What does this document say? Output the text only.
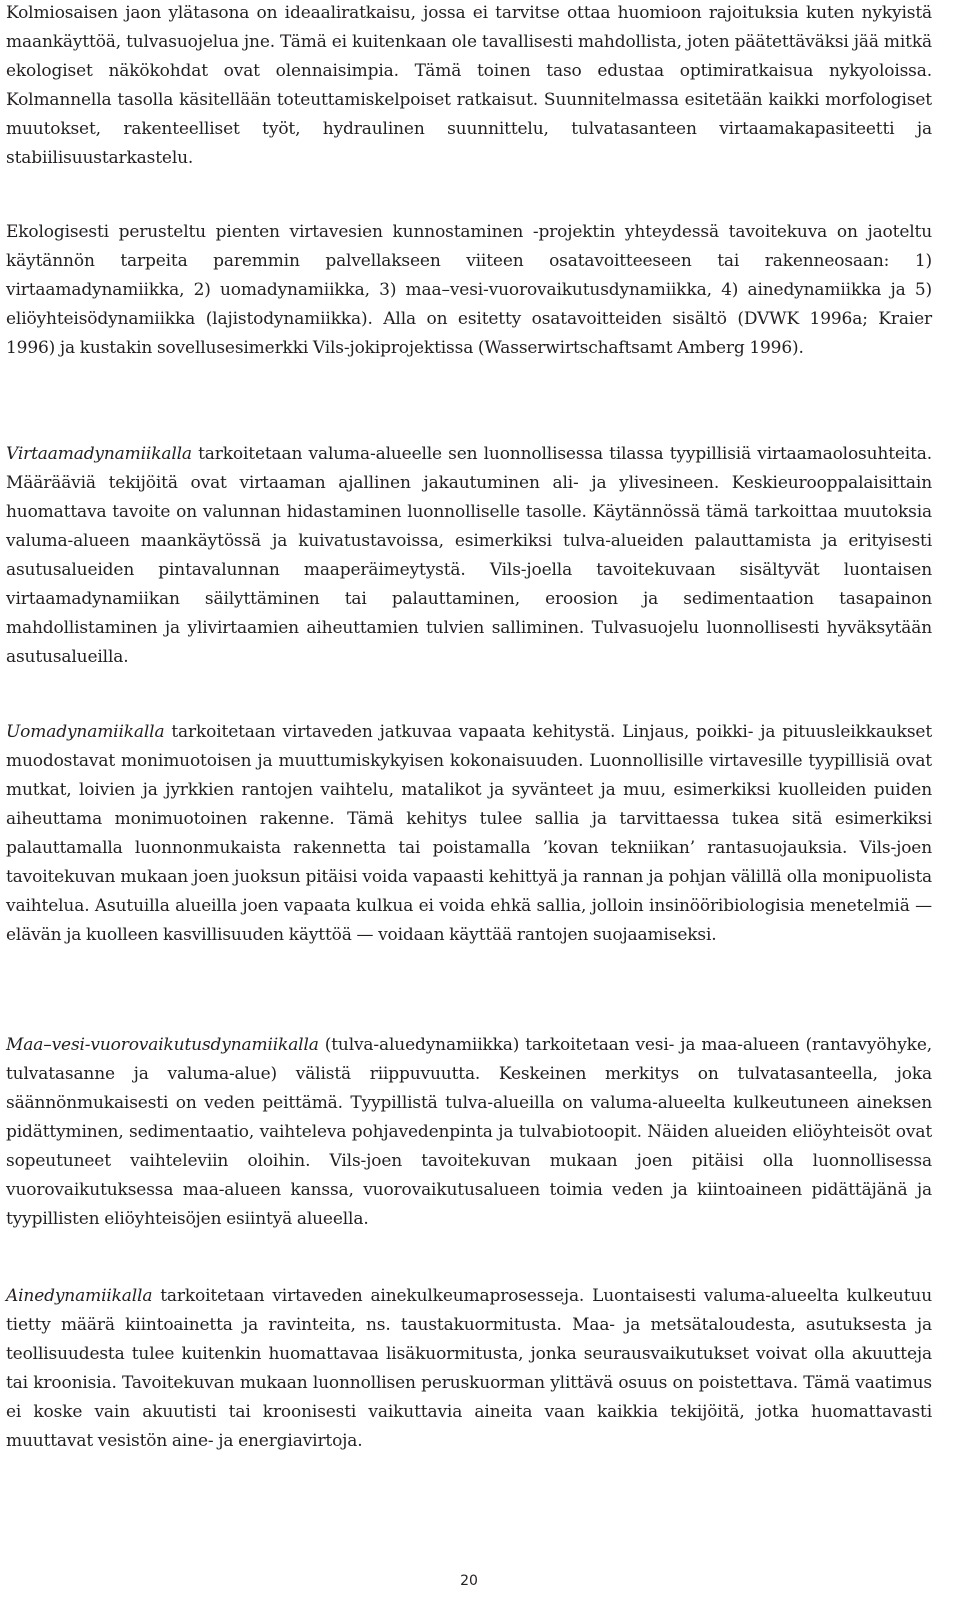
Kolmiosaisen jaon ylätasona on ideaaliratkaisu, jossa ei tarvitse ottaa huomioon rajoituksia kuten nykyistä maankäyttöä, tulvasuojelua jne. Tämä ei kuitenkaan ole tavallisesti mahdollista, joten päätettäväksi jää mitkä ekologiset näkökohdat ovat olennaisimpia. Tämä toinen taso edustaa optimiratkaisua nykyoloissa. Kolmannella tasolla käsitellään toteuttamiskelpoiset ratkaisut. Suunnitelmassa esitetään kaikki morfologiset muutokset, rakenteelliset työt, hydraulinen suunnittelu, tulvatasanteen virtaamakapasiteetti ja stabiilisuustarkastelu.

Ekologisesti perusteltu pienten virtavesien kunnostaminen -projektin yhteydessä tavoitekuva on jaoteltu käytännön tarpeita paremmin palvellakseen viiteen osatavoitteeseen tai rakenneosaan: 1) virtaamadynamiikka, 2) uomadynamiikka, 3) maa–vesi-vuorovaikutusdynamiikka, 4) ainedynamiikka ja 5) eliöyhteisödynamiikka (lajistodynamiikka). Alla on esitetty osatavoitteiden sisältö (DVWK 1996a; Kraier 1996) ja kustakin sovellusesimerkki Vils-jokiprojektissa (Wasserwirtschaftsamt Amberg 1996).

Virtaamadynamiikalla tarkoitetaan valuma-alueelle sen luonnollisessa tilassa tyypillisiä virtaamaolosuhteita. Määrääviä tekijöitä ovat virtaaman ajallinen jakautuminen ali- ja ylivesineen. Keskieurooppalaisittain huomattava tavoite on valunnan hidastaminen luonnolliselle tasolle. Käytännössä tämä tarkoittaa muutoksia valuma-alueen maankäytössä ja kuivatustavoissa, esimerkiksi tulva-alueiden palauttamista ja erityisesti asutusalueiden pintavalunnan maaperäimeytystä. Vils-joella tavoitekuvaan sisältyvät luontaisen virtaamadynamiikan säilyttäminen tai palauttaminen, eroosion ja sedimentaation tasapainon mahdollistaminen ja ylivirtaamien aiheuttamien tulvien salliminen. Tulvasuojelu luonnollisesti hyväksytään asutusalueilla.

Uomadynamiikalla tarkoitetaan virtaveden jatkuvaa vapaata kehitystä. Linjaus, poikki- ja pituusleikkaukset muodostavat monimuotoisen ja muuttumiskykyisen kokonaisuuden. Luonnollisille virtavesille tyypillisiä ovat mutkat, loivien ja jyrkkien rantojen vaihtelu, matalikot ja syvänteet ja muu, esimerkiksi kuolleiden puiden aiheuttama monimuotoinen rakenne. Tämä kehitys tulee sallia ja tarvittaessa tukea sitä esimerkiksi palauttamalla luonnonmukaista rakennetta tai poistamalla ’kovan tekniikan’ rantasuojauksia. Vils-joen tavoitekuvan mukaan joen juoksun pitäisi voida vapaasti kehittyä ja rannan ja pohjan välillä olla monipuolista vaihtelua. Asutuilla alueilla joen vapaata kulkua ei voida ehkä sallia, jolloin insinööribiologisia menetelmiä — elävän ja kuolleen kasvillisuuden käyttöä — voidaan käyttää rantojen suojaamiseksi.

Maa–vesi-vuorovaikutusdynamiikalla (tulva-aluedynamiikka) tarkoitetaan vesi- ja maa-alueen (rantavyöhyke, tulvatasanne ja valuma-alue) välistä riippuvuutta. Keskeinen merkitys on tulvatasanteella, joka säännönmukaisesti on veden peittämä. Tyypillistä tulva-alueilla on valuma-alueelta kulkeutuneen aineksen pidättyminen, sedimentaatio, vaihteleva pohjavedenpinta ja tulvabiotoopit. Näiden alueiden eliöyhteisöt ovat sopeutuneet vaihteleviin oloihin. Vils-joen tavoitekuvan mukaan joen pitäisi olla luonnollisessa vuorovaikutuksessa maa-alueen kanssa, vuorovaikutusalueen toimia veden ja kiintoaineen pidättäjänä ja tyypillisten eliöyhteisöjen esiintyä alueella.

Ainedynamiikalla tarkoitetaan virtaveden ainekulkeumaprosesseja. Luontaisesti valuma-alueelta kulkeutuu tietty määrä kiintoainetta ja ravinteita, ns. taustakuormitusta. Maa- ja metsätaloudesta, asutuksesta ja teollisuudesta tulee kuitenkin huomattavaa lisäkuormitusta, jonka seurausvaikutukset voivat olla akuutteja tai kroonisia. Tavoitekuvan mukaan luonnollisen peruskuorman ylittävä osuus on poistettava. Tämä vaatimus ei koske vain akuutisti tai kroonisesti vaikuttavia aineita vaan kaikkia tekijöitä, jotka huomattavasti muuttavat vesistön aine- ja energiavirtoja.

20
